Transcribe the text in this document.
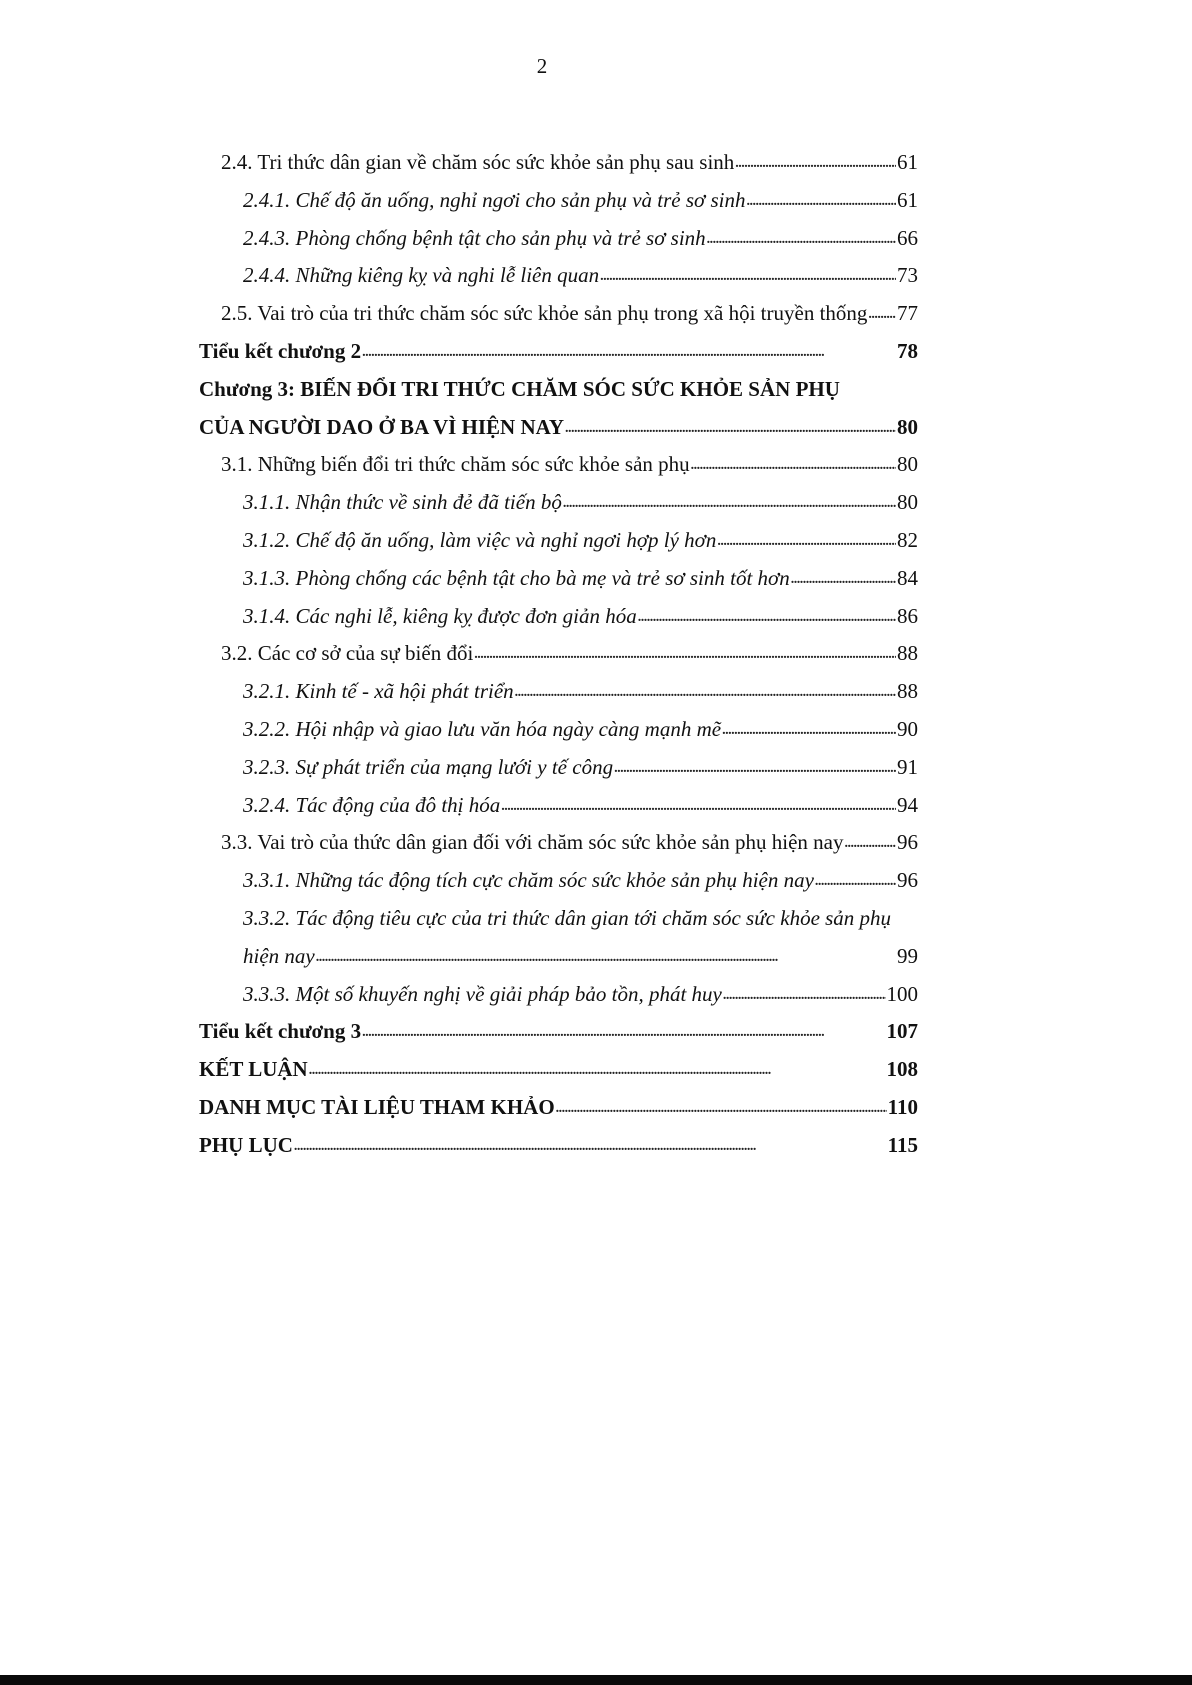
2
2.4. Tri thức dân gian về chăm sóc sức khỏe sản phụ sau sinh . . .	61
2.4.1. Chế độ ăn uống, nghỉ ngơi cho sản phụ và trẻ sơ sinh . . .	61
2.4.3. Phòng chống bệnh tật cho sản phụ và trẻ sơ sinh . . .	66
2.4.4. Những kiêng kỵ và nghi lễ liên quan . . .	73
2.5. Vai trò của tri thức chăm sóc sức khỏe sản phụ trong xã hội truyền thống . . . 77
Tiểu kết chương 2 . . .	78
Chương 3: BIẾN ĐỔI TRI THỨC CHĂM SÓC SỨC KHỎE SẢN PHỤ
CỦA NGƯỜI DAO Ở BA VÌ HIỆN NAY . . .	80
3.1. Những biến đổi tri thức chăm sóc sức khỏe sản phụ . . .	80
3.1.1. Nhận thức về sinh đẻ đã tiến bộ . . .	80
3.1.2. Chế độ ăn uống, làm việc và nghỉ ngơi hợp lý hơn . . .	82
3.1.3. Phòng chống các bệnh tật cho bà mẹ và trẻ sơ sinh tốt hơn . . .	84
3.1.4. Các nghi lễ, kiêng kỵ được đơn giản hóa . . .	86
3.2. Các cơ sở của sự biến đổi . . .	88
3.2.1. Kinh tế - xã hội phát triển . . .	88
3.2.2. Hội nhập và giao lưu văn hóa ngày càng mạnh mẽ . . .	90
3.2.3. Sự phát triển của mạng lưới y tế công . . .	91
3.2.4. Tác động của đô thị hóa . . .	94
3.3. Vai trò của thức dân gian đối với chăm sóc sức khỏe sản phụ hiện nay . . .	96
3.3.1. Những tác động tích cực chăm sóc sức khỏe sản phụ hiện nay . . .	96
3.3.2. Tác động tiêu cực của tri thức dân gian tới chăm sóc sức khỏe sản phụ
hiện nay . . .	99
3.3.3. Một số khuyến nghị về giải pháp bảo tồn, phát huy . . .	100
Tiểu kết chương 3 . . .	107
KẾT LUẬN . . .	108
DANH MỤC TÀI LIỆU THAM KHẢO . . .	110
PHỤ LỤC . . .	115
